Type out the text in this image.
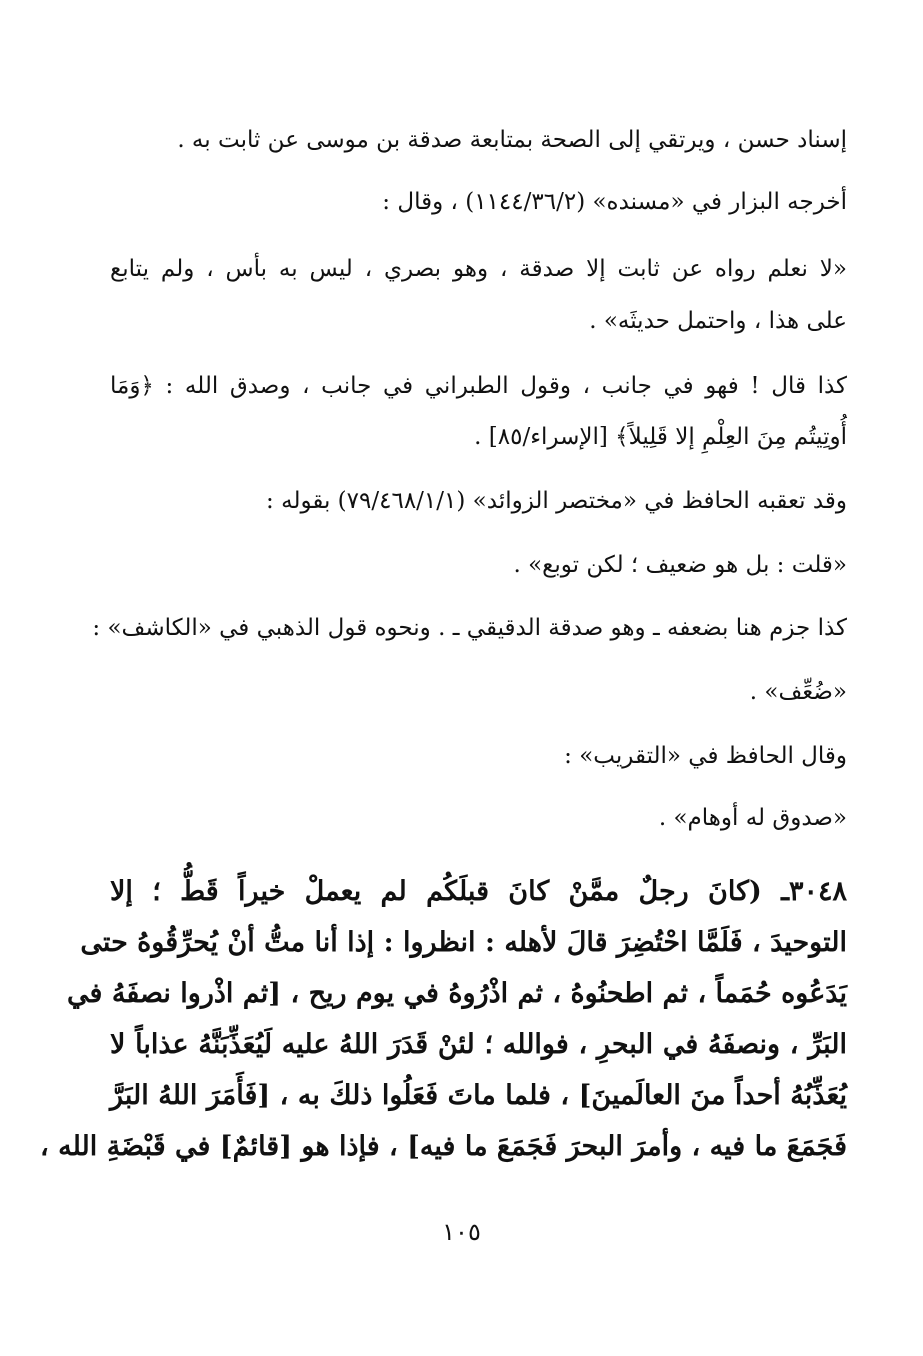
إسناد حسن ، ويرتقي إلى الصحة بمتابعة صدقة بن موسى عن ثابت به .
أخرجه البزار في «مسنده» (١١٤٤/٣٦/٢) ، وقال :
«لا نعلم رواه عن ثابت إلا صدقة ، وهو بصري ، ليس به بأس ، ولم يتابع
على هذا ، واحتمل حديثَه» .
كذا قال ! فهو في جانب ، وقول الطبراني في جانب ، وصدق الله : ﴿وَمَا
أُوتِيتُم مِنَ العِلْمِ إلا قَلِيلاً﴾ [الإسراء/٨٥] .
وقد تعقبه الحافظ في «مختصر الزوائد» (٧٩/٤٦٨/١/١) بقوله :
«قلت : بل هو ضعيف ؛ لكن توبع» .
كذا جزم هنا بضعفه ـ وهو صدقة الدقيقي ـ . ونحوه قول الذهبي في «الكاشف» :
«ضُعِّف» .
وقال الحافظ في «التقريب» :
«صدوق له أوهام» .
٣٠٤٨ـ (كانَ رجلٌ ممَّنْ كانَ قبلَكُم لم يعملْ خيراً قَطُّ ؛ إلا
التوحيدَ ، فَلَمَّا احْتُضِرَ قالَ لأهله : انظروا : إذا أنا متُّ أنْ يُحرِّقُوهُ حتى
يَدَعُوه حُمَماً ، ثم اطحنُوهُ ، ثم اذْرُوهُ في يوم ريح ، [ثم اذْروا نصفَهُ في
البَرِّ ، ونصفَهُ في البحرِ ، فوالله ؛ لئنْ قَدَرَ اللهُ عليه لَيُعَذِّبَنَّهُ عذاباً لا
يُعَذِّبُهُ أحداً منَ العالَمينَ] ، فلما ماتَ فَعَلُوا ذلكَ به ، [فَأَمَرَ اللهُ البَرَّ
فَجَمَعَ ما فيه ، وأمرَ البحرَ فَجَمَعَ ما فيه] ، فإذا هو [قائمٌ] في قَبْضَةِ الله ،
١٠٥
